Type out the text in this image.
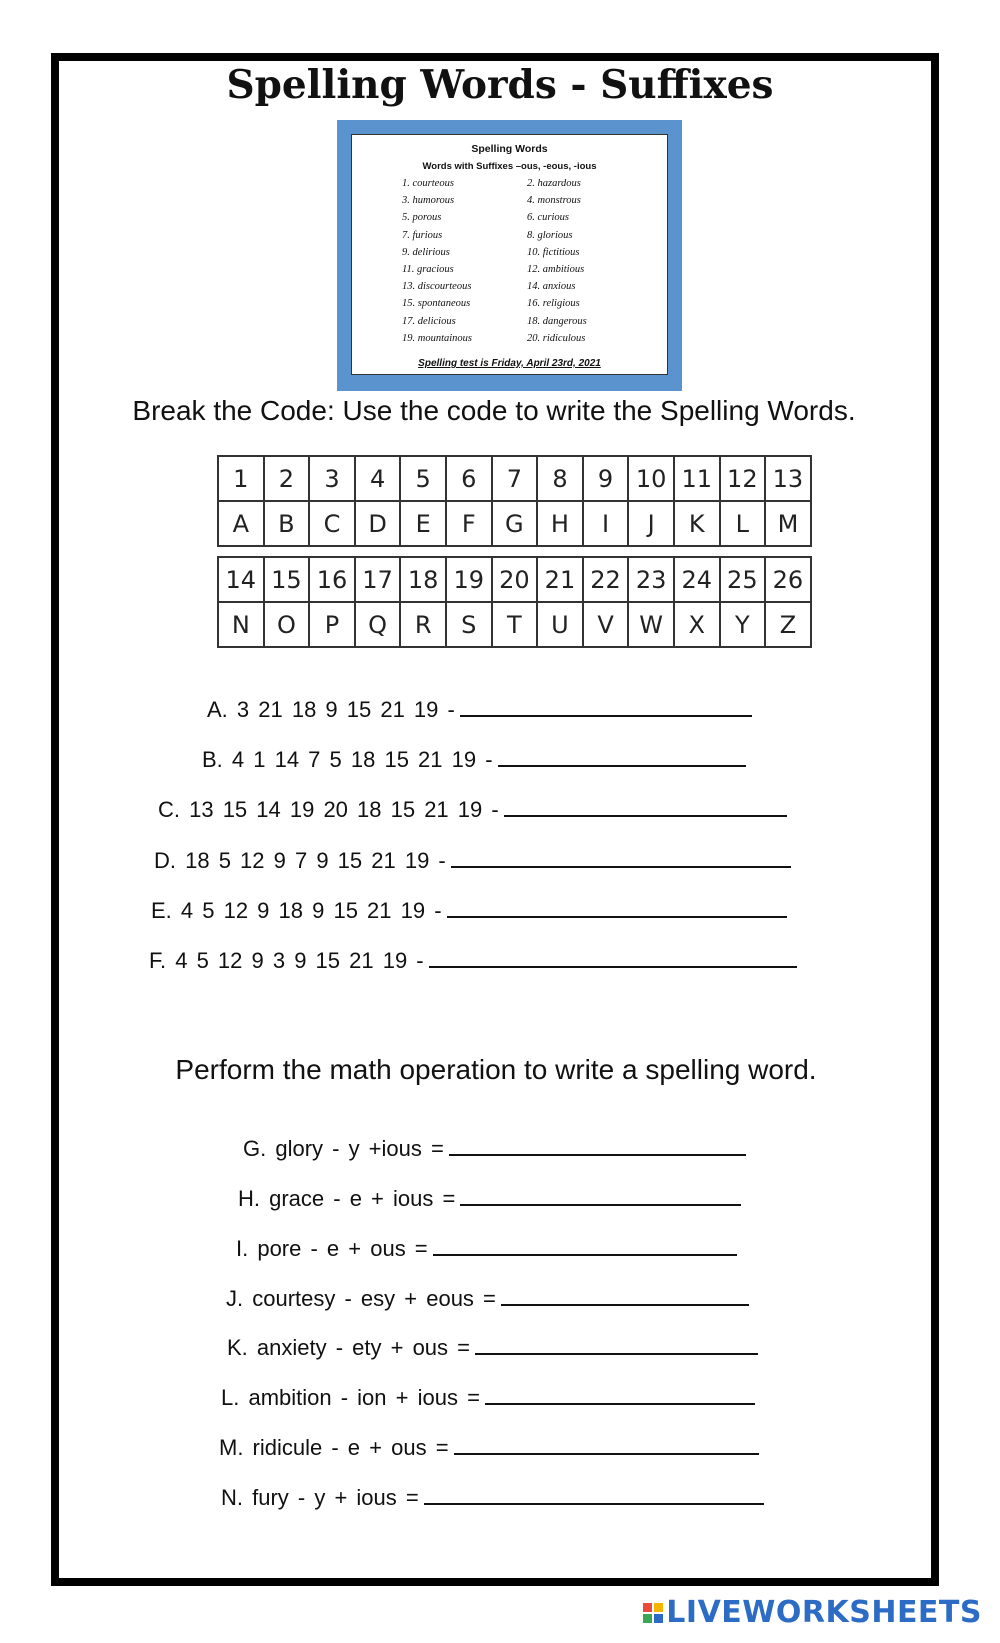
Spelling Words - Suffixes
Spelling Words
Words with Suffixes –ous, -eous, -ious
1. courteous	2. hazardous
3. humorous	4. monstrous
5. porous	6. curious
7. furious	8. glorious
9. delirious	10. fictitious
11. gracious	12. ambitious
13. discourteous	14. anxious
15. spontaneous	16. religious
17. delicious	18. dangerous
19. mountainous	20. ridiculous
Spelling test is Friday, April 23rd, 2021
Break the Code: Use the code to write the Spelling Words.
1	2	3	4	5	6	7	8	9	10	11	12	13
A	B	C	D	E	F	G	H	I	J	K	L	M
14	15	16	17	18	19	20	21	22	23	24	25	26
N	O	P	Q	R	S	T	U	V	W	X	Y	Z
A. 3 21 18 9 15 21 19 -
B. 4 1 14 7 5 18 15 21 19 -
C. 13 15 14 19 20 18 15 21 19 -
D. 18 5 12 9 7 9 15 21 19 -
E. 4 5 12 9 18 9 15 21 19 -
F. 4 5 12 9 3 9 15 21 19 -
Perform the math operation to write a spelling word.
G. glory - y +ious =
H. grace - e + ious =
I. pore - e + ous =
J. courtesy - esy + eous =
K. anxiety - ety + ous =
L. ambition - ion + ious =
M. ridicule - e + ous =
N. fury - y + ious =
LIVEWORKSHEETS
